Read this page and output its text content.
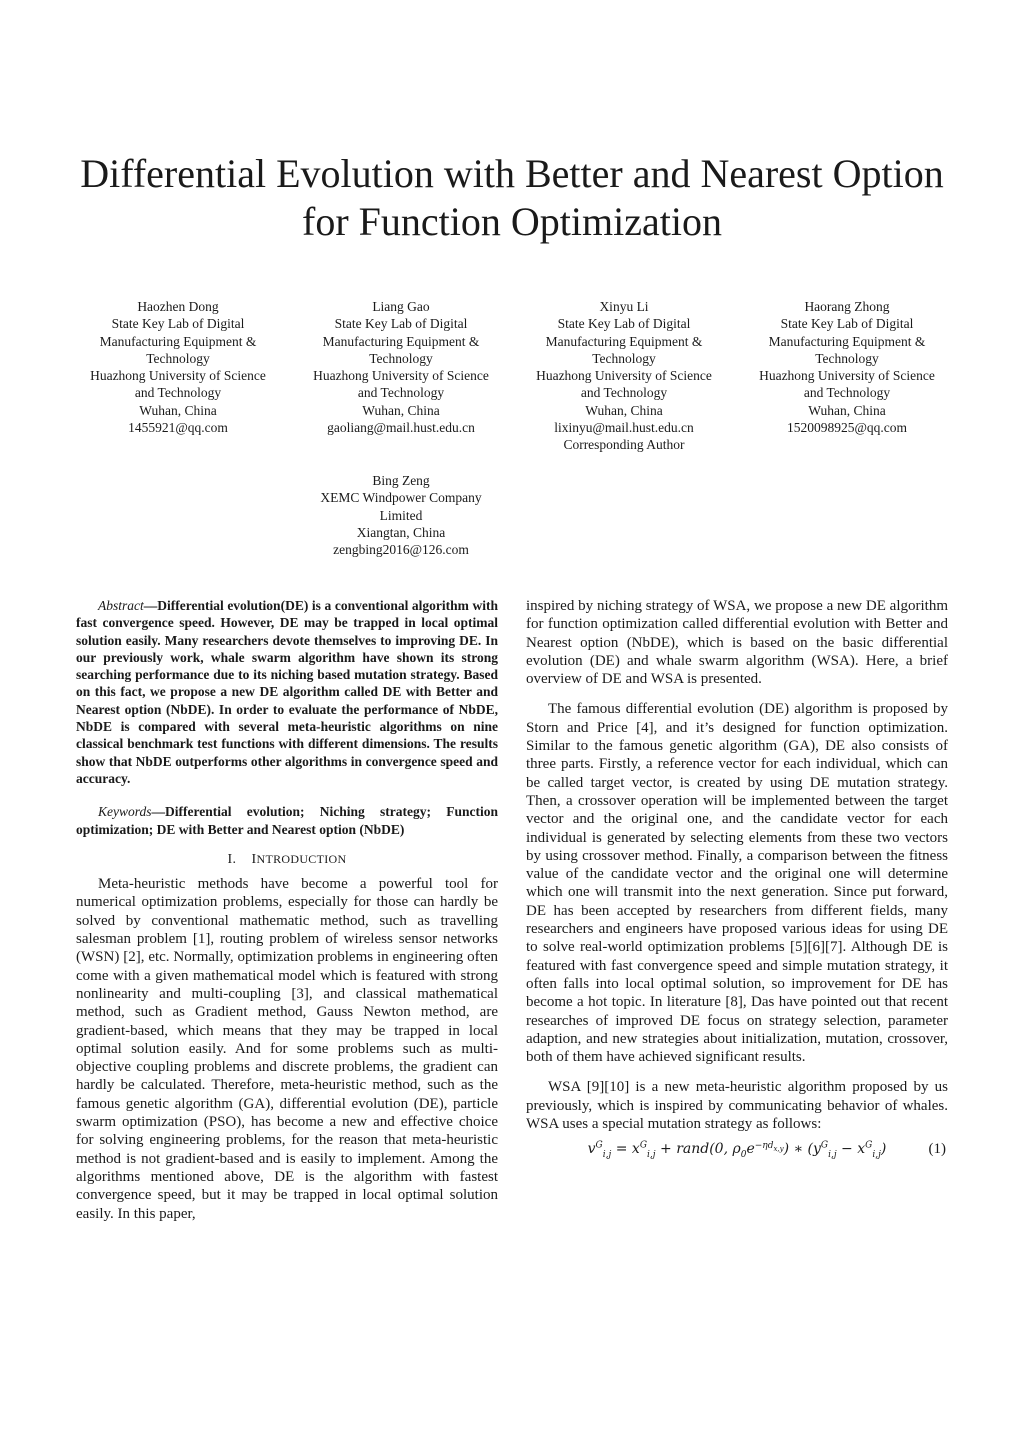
Differential Evolution with Better and Nearest Option
for Function Optimization
Haozhen Dong
State Key Lab of Digital
Manufacturing Equipment &
Technology
Huazhong University of Science
and Technology
Wuhan, China
1455921@qq.com
Liang Gao
State Key Lab of Digital
Manufacturing Equipment &
Technology
Huazhong University of Science
and Technology
Wuhan, China
gaoliang@mail.hust.edu.cn
Xinyu Li
State Key Lab of Digital
Manufacturing Equipment &
Technology
Huazhong University of Science
and Technology
Wuhan, China
lixinyu@mail.hust.edu.cn
Corresponding Author
Haorang Zhong
State Key Lab of Digital
Manufacturing Equipment &
Technology
Huazhong University of Science
and Technology
Wuhan, China
1520098925@qq.com
Bing Zeng
XEMC Windpower Company
Limited
Xiangtan, China
zengbing2016@126.com

Abstract—Differential evolution(DE) is a conventional algorithm with fast convergence speed. However, DE may be trapped in local optimal solution easily. Many researchers devote themselves to improving DE. In our previously work, whale swarm algorithm have shown its strong searching performance due to its niching based mutation strategy. Based on this fact, we propose a new DE algorithm called DE with Better and Nearest option (NbDE). In order to evaluate the performance of NbDE, NbDE is compared with several meta-heuristic algorithms on nine classical benchmark test functions with different dimensions. The results show that NbDE outperforms other algorithms in convergence speed and accuracy.

Keywords—Differential evolution; Niching strategy; Function optimization; DE with Better and Nearest option (NbDE)

I. INTRODUCTION

Meta-heuristic methods have become a powerful tool for numerical optimization problems, especially for those can hardly be solved by conventional mathematic method, such as travelling salesman problem [1], routing problem of wireless sensor networks (WSN) [2], etc. Normally, optimization problems in engineering often come with a given mathematical model which is featured with strong nonlinearity and multi-coupling [3], and classical mathematical method, such as Gradient method, Gauss Newton method, are gradient-based, which means that they may be trapped in local optimal solution easily. And for some problems such as multi-objective coupling problems and discrete problems, the gradient can hardly be calculated. Therefore, meta-heuristic method, such as the famous genetic algorithm (GA), differential evolution (DE), particle swarm optimization (PSO), has become a new and effective choice for solving engineering problems, for the reason that meta-heuristic method is not gradient-based and is easily to implement. Among the algorithms mentioned above, DE is the algorithm with fastest convergence speed, but it may be trapped in local optimal solution easily. In this paper,

inspired by niching strategy of WSA, we propose a new DE algorithm for function optimization called differential evolution with Better and Nearest option (NbDE), which is based on the basic differential evolution (DE) and whale swarm algorithm (WSA). Here, a brief overview of DE and WSA is presented.

The famous differential evolution (DE) algorithm is proposed by Storn and Price [4], and it’s designed for function optimization. Similar to the famous genetic algorithm (GA), DE also consists of three parts. Firstly, a reference vector for each individual, which can be called target vector, is created by using DE mutation strategy. Then, a crossover operation will be implemented between the target vector and the original one, and the candidate vector for each individual is generated by selecting elements from these two vectors by using crossover method. Finally, a comparison between the fitness value of the candidate vector and the original one will determine which one will transmit into the next generation. Since put forward, DE has been accepted by researchers from different fields, many researchers and engineers have proposed various ideas for using DE to solve real-world optimization problems [5][6][7]. Although DE is featured with fast convergence speed and simple mutation strategy, it often falls into local optimal solution, so improvement for DE has become a hot topic. In literature [8], Das have pointed out that recent researches of improved DE focus on strategy selection, parameter adaption, and new strategies about initialization, mutation, crossover, both of them have achieved significant results.

WSA [9][10] is a new meta-heuristic algorithm proposed by us previously, which is inspired by communicating behavior of whales. WSA uses a special mutation strategy as follows:

$v^G_{i,j} = x^G_{i,j}$ + rand(0, $\rho_0e^{-\eta d_{x,y}}$) ∗ $(y^G_{i,j} - x^G_{i,j})$	(1)
